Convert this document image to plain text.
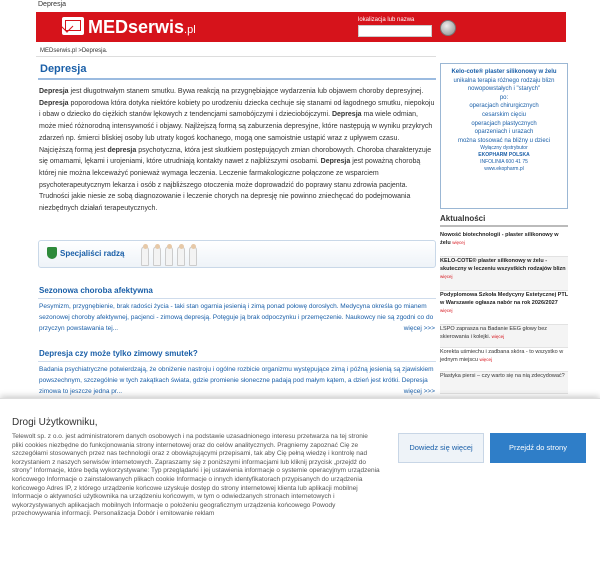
Depresja
MEDserwis.pl
lokalizacja lub nazwa
MEDserwis.pl >Depresja.
Depresja

Depresja jest długotrwałym stanem smutku. Bywa reakcją na przygnębiające wydarzenia lub objawem choroby depresyjnej. Depresja poporodowa która dotyka niektóre kobiety po urodzeniu dziecka cechuje się stanami od łagodnego smutku, niepokoju i obaw o dziecko do ciężkich stanów lękowych z tendencjami samobójczymi i dzieciobójczymi. Depresja ma wiele odmian, może mieć różnorodną intensywność i objawy. Najlżejszą formą są zaburzenia depresyjne, które następują w wyniku przykrych zdarzeń np. śmierci bliskiej osoby lub utraty kogoś kochanego, mogą one samoistnie ustąpić wraz z upływem czasu. Najcięższą formą jest depresja psychotyczna, która jest skutkiem postępujących zmian chorobowych. Choroba charakteryzuje się omamami, lękami i urojeniami, które utrudniają kontakty nawet z najbliższymi osobami. Depresja jest poważną chorobą której nie można lekceważyć ponieważ wymaga leczenia. Leczenie farmakologiczne połączone ze wsparciem psychoterapeutycznym lekarza i osób z najbliższego otoczenia może doprowadzić do poprawy stanu zdrowia pacjenta. Trudności jakie niesie ze sobą diagnozowanie i leczenie chorych na depresję nie powinno zniechęcać do podejmowania niezbędnych działań terapeutycznych.

Specjaliści radzą
Sezonowa choroba afektywna
Pesymizm, przygnębienie, brak radości życia - taki stan ogarnia jesienią i zimą ponad połowę dorosłych. Medycyna określa go mianem sezonowej choroby afektywnej, pacjenci - zimową depresją. Potęguje ją brak odpoczynku i przemęczenie. Naukowcy nie są zgodni co do przyczyn powstawania tej...	więcej >>>
Depresja czy może tylko zimowy smutek?
Badania psychiatryczne potwierdzają, że obniżenie nastroju i ogólne rozbicie organizmu występujące zimą i późną jesienią są zjawiskiem powszechnym, szczególnie w tych zakątkach świata, gdzie promienie słoneczne padają pod małym kątem, a dzień jest krótki. Depresja zimowa to jeszcze jedna pr...	więcej >>>
Kelo-cote® plaster silikonowy w żelu
unikalna terapia różnego rodzaju blizn
nowopowstałych i "starych"
po:
operacjach chirurgicznych
cesarskim cięciu
operacjach plastycznych
oparzeniach i urazach
można stosować na bliżny u dzieci
Wyłączny dystrybutor
EKOPHARM POLSKA
INFOLINIA 600 41 75
www.ekopharm.pl
Aktualności
Nowość biotechnologii - plaster silikonowy w żelu więcej
KELO-COTE® plaster silikonowy w żelu - skuteczny w leczeniu wszystkich rodzajów blizn więcej
Podyplomowa Szkoła Medycyny Estetycznej PTL w Warszawie ogłasza nabór na rok 2026/2027 więcej
LSPO zaprasza na Badanie EEG głowy bez skierowania i kolejki. więcej
Korekta uśmiechu i zadbana skóra - to wszystko w jednym miejscu więcej
Plastyka piersi – czy warto się na nią zdecydować?
Drogi Użytkowniku,
Telewolt sp. z o.o. jest administratorem danych osobowych i na podstawie uzasadnionego interesu przetwarza na tej stronie pliki cookies niezbędne do funkcjonowania strony internetowej oraz do celów analitycznych. Pragniemy zapoznać Cię ze szczegółami stosowanych przez nas technologii oraz z obowiązującymi przepisami, tak aby Cię pełną wiedzę i kontrolę nad korzystaniem z naszych serwisów internetowych. Zapraszamy się z poniższymi informacjami lub kliknij przycisk „przejdź do strony” Informacje, które będą wykorzystywane: Typ przeglądarki i jej ustawienia informacje o systemie operacyjnym urządzenia końcowego Informacje o zainstalowanych plikach cookie Informacje o innych identyfikatorach przypisanych do urządzenia końcowego Adres IP, z którego urządzenie końcowe uzyskuje dostęp do strony internetowej klienta lub aplikacji mobilnej Informacje o aktywności użytkownika na urządzeniu końcowym, w tym o odwiedzanych stronach internetowych i wykorzystywanych aplikacjach mobilnych Informacje o położeniu geograficznym urządzenia końcowego Powody przechowywania informacji. Personalizacja Dobór i emitowanie reklam
Dowiedz się więcej	Przejdź do strony
